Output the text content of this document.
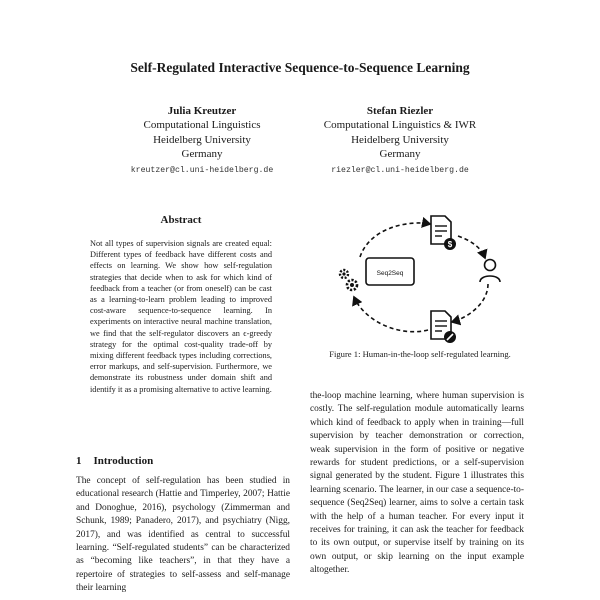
Self-Regulated Interactive Sequence-to-Sequence Learning
Julia Kreutzer
Computational Linguistics
Heidelberg University
Germany
kreutzer@cl.uni-heidelberg.de
Stefan Riezler
Computational Linguistics & IWR
Heidelberg University
Germany
riezler@cl.uni-heidelberg.de
Abstract
Not all types of supervision signals are created equal: Different types of feedback have different costs and effects on learning. We show how self-regulation strategies that decide when to ask for which kind of feedback from a teacher (or from oneself) can be cast as a learning-to-learn problem leading to improved cost-aware sequence-to-sequence learning. In experiments on interactive neural machine translation, we find that the self-regulator discovers an ϵ-greedy strategy for the optimal cost-quality trade-off by mixing different feedback types including corrections, error markups, and self-supervision. Furthermore, we demonstrate its robustness under domain shift and identify it as a promising alternative to active learning.
1 Introduction
The concept of self-regulation has been studied in educational research (Hattie and Timperley, 2007; Hattie and Donoghue, 2016), psychology (Zimmerman and Schunk, 1989; Panadero, 2017), and psychiatry (Nigg, 2017), and was identified as central to successful learning. “Self-regulated students” can be characterized as “becoming like teachers”, in that they have a repertoire of strategies to self-assess and self-manage their learning
the-loop machine learning, where human supervision is costly. The self-regulation module automatically learns which kind of feedback to apply when in training—full supervision by teacher demonstration or correction, weak supervision in the form of positive or negative rewards for student predictions, or a self-supervision signal generated by the student. Figure 1 illustrates this learning scenario. The learner, in our case a sequence-to-sequence (Seq2Seq) learner, aims to solve a certain task with the help of a human teacher. For every input it receives for training, it can ask the teacher for feedback to its own output, or supervise itself by training on its own output, or skip learning on the input example altogether.
Seq2Seq
$
Figure 1: Human-in-the-loop self-regulated learning.
